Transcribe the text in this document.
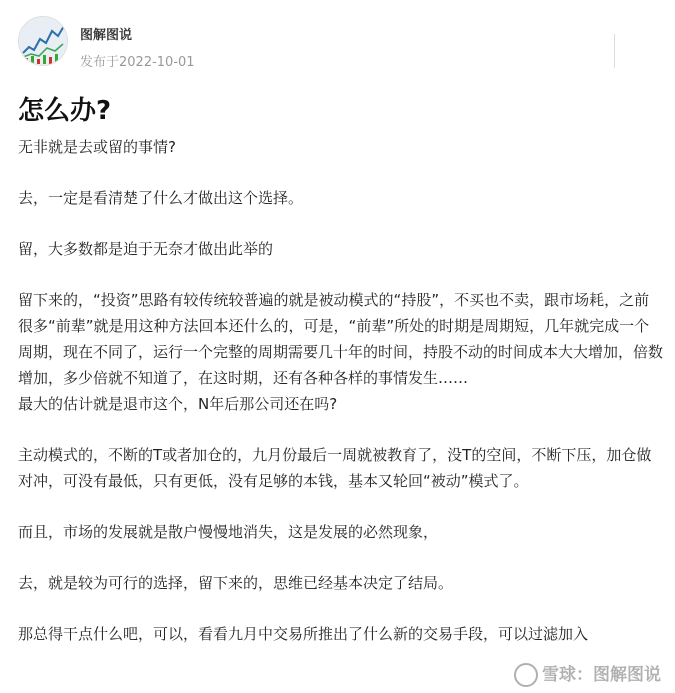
图解图说
发布于2022-10-01
怎么办?

无非就是去或留的事情?

去，一定是看清楚了什么才做出这个选择。

留，大多数都是迫于无奈才做出此举的

留下来的，“投资”思路有较传统较普遍的就是被动模式的“持股”，不买也不卖，跟市场耗，之前很多“前辈”就是用这种方法回本还什么的，可是，“前辈”所处的时期是周期短，几年就完成一个周期，现在不同了，运行一个完整的周期需要几十年的时间，持股不动的时间成本大大增加，倍数增加，多少倍就不知道了，在这时期，还有各种各样的事情发生……
最大的估计就是退市这个，N年后那公司还在吗?

主动模式的，不断的T或者加仓的，九月份最后一周就被教育了，没T的空间，不断下压，加仓做对冲，可没有最低，只有更低，没有足够的本钱，基本又轮回“被动”模式了。

而且，市场的发展就是散户慢慢地消失，这是发展的必然现象，

去，就是较为可行的选择，留下来的，思维已经基本决定了结局。

那总得干点什么吧，可以，看看九月中交易所推出了什么新的交易手段，可以过滤加入

雪球：图解图说
